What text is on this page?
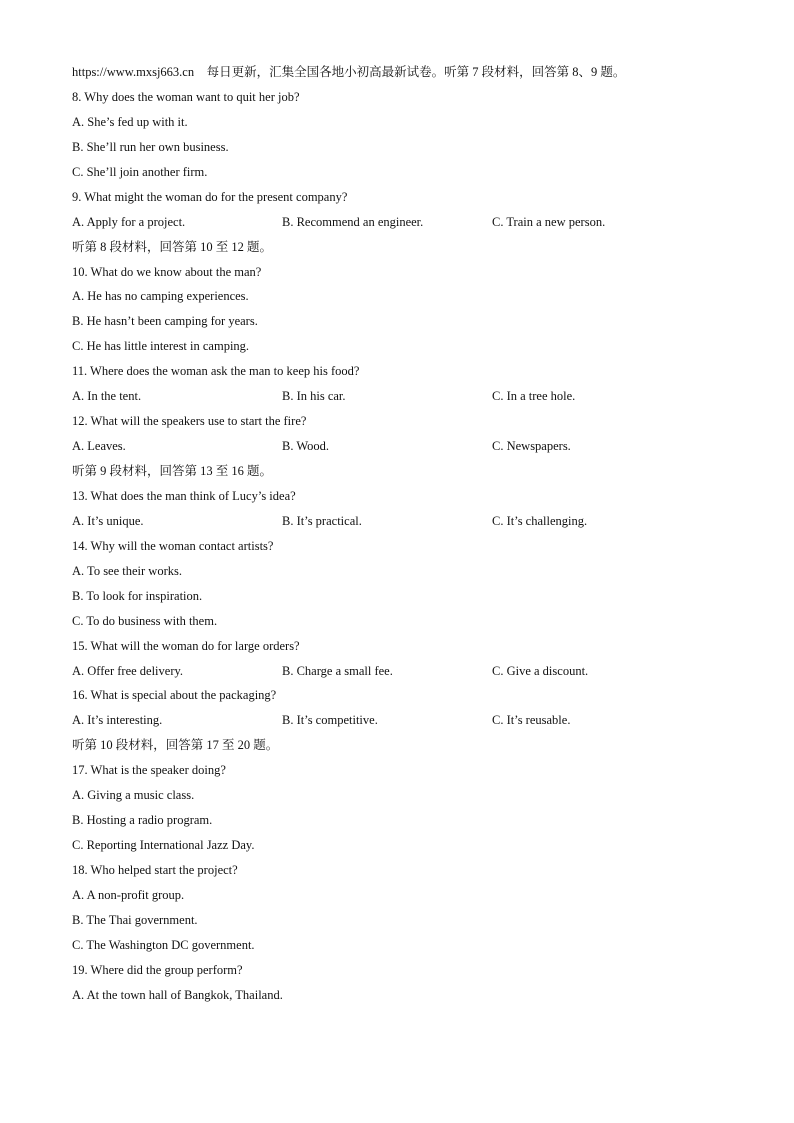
https://www.mxsj663.cn　每日更新，汇集全国各地小初高最新试卷。听第 7 段材料，回答第 8、9 题。
8. Why does the woman want to quit her job?
A. She’s fed up with it.
B. She’ll run her own business.
C. She’ll join another firm.
9. What might the woman do for the present company?
A. Apply for a project.	B. Recommend an engineer.	C. Train a new person.
听第 8 段材料，回答第 10 至 12 题。
10. What do we know about the man?
A. He has no camping experiences.
B. He hasn’t been camping for years.
C. He has little interest in camping.
11. Where does the woman ask the man to keep his food?
A. In the tent.	B. In his car.	C. In a tree hole.
12. What will the speakers use to start the fire?
A. Leaves.	B. Wood.	C. Newspapers.
听第 9 段材料，回答第 13 至 16 题。
13. What does the man think of Lucy’s idea?
A. It’s unique.	B. It’s practical.	C. It’s challenging.
14. Why will the woman contact artists?
A. To see their works.
B. To look for inspiration.
C. To do business with them.
15. What will the woman do for large orders?
A. Offer free delivery.	B. Charge a small fee.	C. Give a discount.
16. What is special about the packaging?
A. It’s interesting.	B. It’s competitive.	C. It’s reusable.
听第 10 段材料，回答第 17 至 20 题。
17. What is the speaker doing?
A. Giving a music class.
B. Hosting a radio program.
C. Reporting International Jazz Day.
18. Who helped start the project?
A. A non-profit group.
B. The Thai government.
C. The Washington DC government.
19. Where did the group perform?
A. At the town hall of Bangkok, Thailand.
